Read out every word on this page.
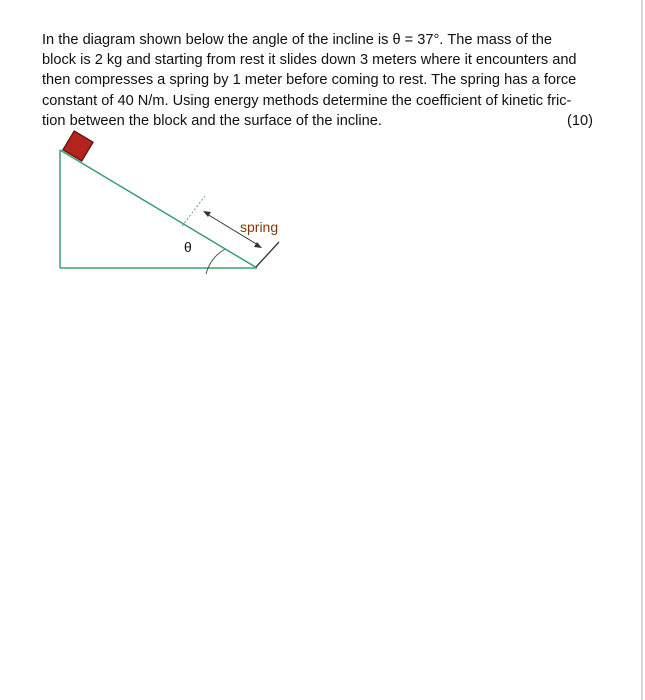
In the diagram shown below the angle of the incline is θ = 37°. The mass of the
block is 2 kg and starting from rest it slides down 3 meters where it encounters and
then compresses a spring by 1 meter before coming to rest. The spring has a force
constant of 40 N/m. Using energy methods determine the coefficient of kinetic fric-
tion between the block and the surface of the incline.	(10)
θ
spring
